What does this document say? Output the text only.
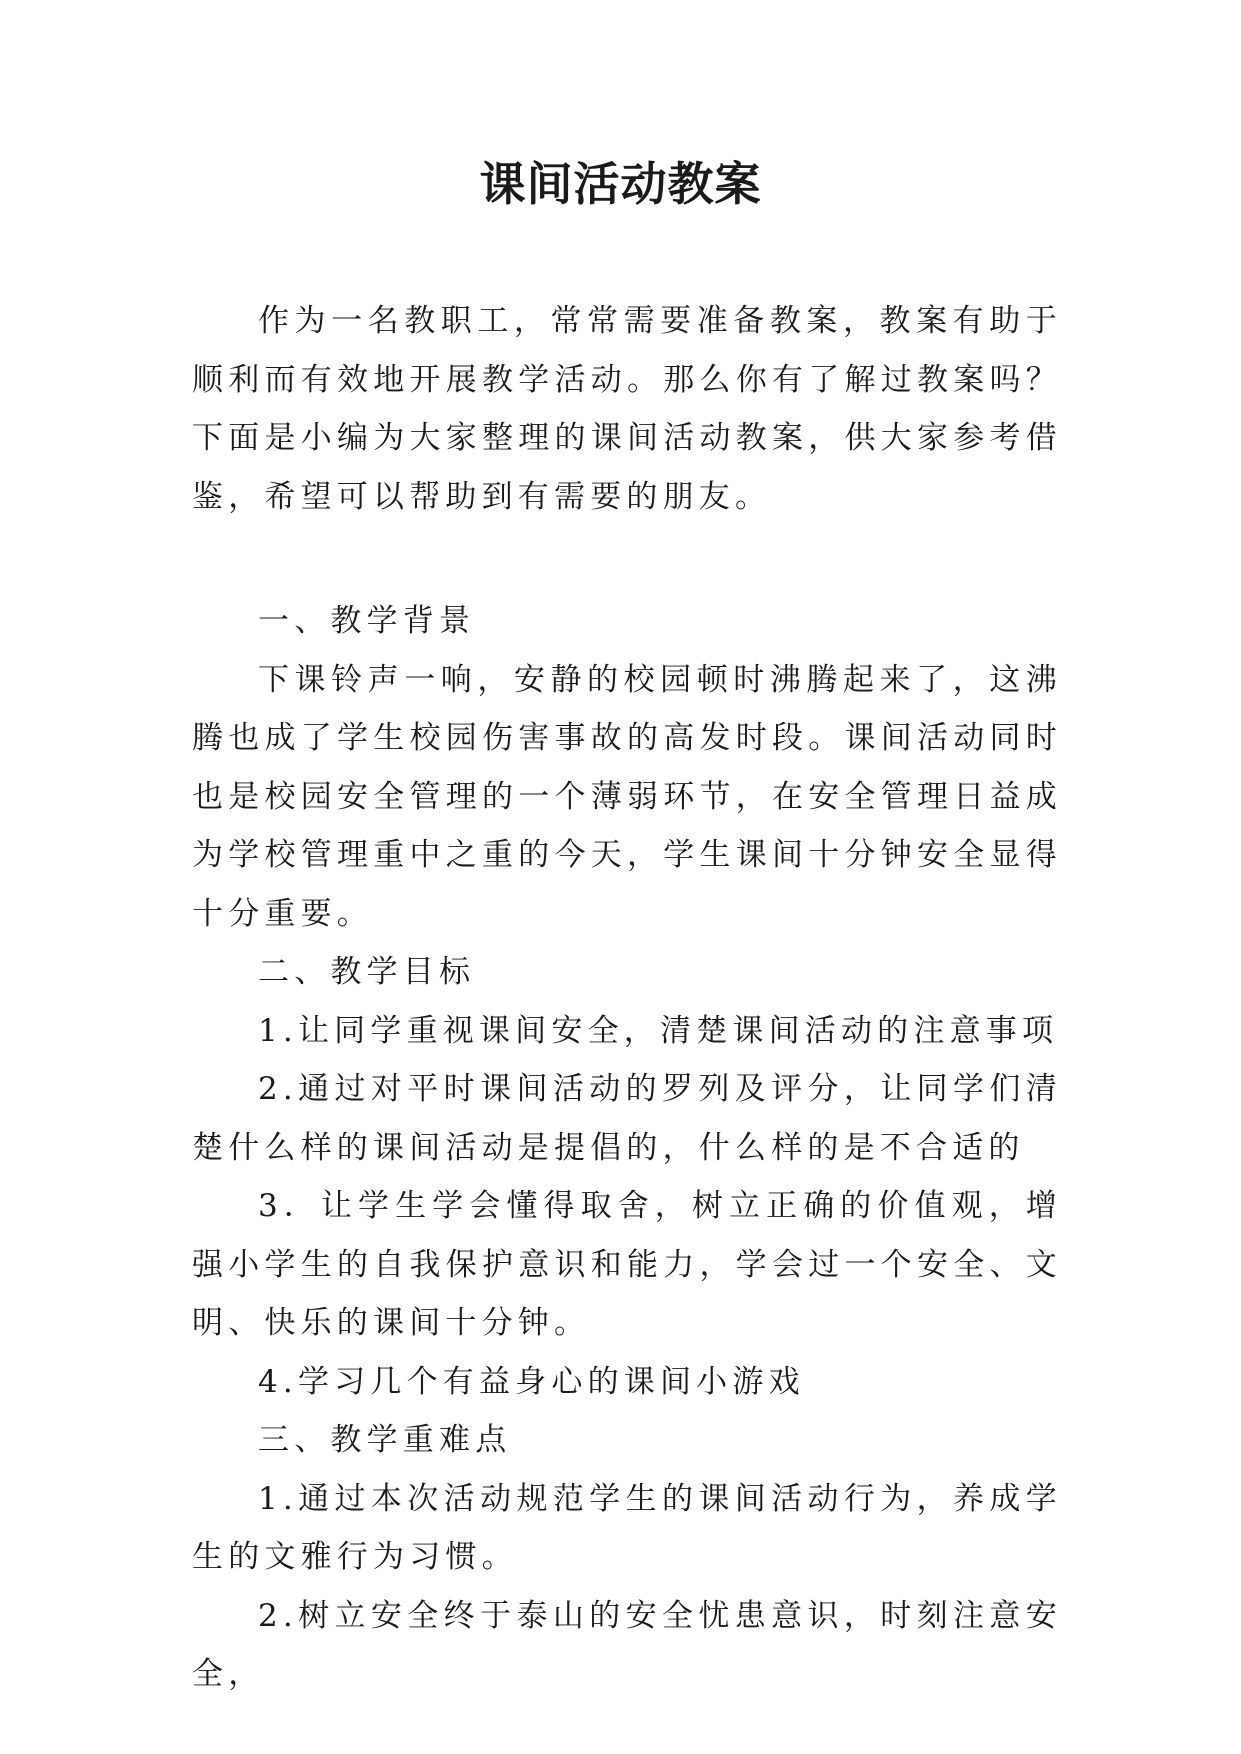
课间活动教案

作为一名教职工，常常需要准备教案，教案有助于顺利而有效地开展教学活动。那么你有了解过教案吗？下面是小编为大家整理的课间活动教案，供大家参考借鉴，希望可以帮助到有需要的朋友。

一、教学背景

下课铃声一响，安静的校园顿时沸腾起来了，这沸腾也成了学生校园伤害事故的高发时段。课间活动同时也是校园安全管理的一个薄弱环节，在安全管理日益成为学校管理重中之重的今天，学生课间十分钟安全显得十分重要。

二、教学目标

1.让同学重视课间安全，清楚课间活动的注意事项

2.通过对平时课间活动的罗列及评分，让同学们清楚什么样的课间活动是提倡的，什么样的是不合适的

3．让学生学会懂得取舍，树立正确的价值观，增强小学生的自我保护意识和能力，学会过一个安全、文明、快乐的课间十分钟。

4.学习几个有益身心的课间小游戏

三、教学重难点

1.通过本次活动规范学生的课间活动行为，养成学生的文雅行为习惯。

2.树立安全终于泰山的安全忧患意识，时刻注意安全，
